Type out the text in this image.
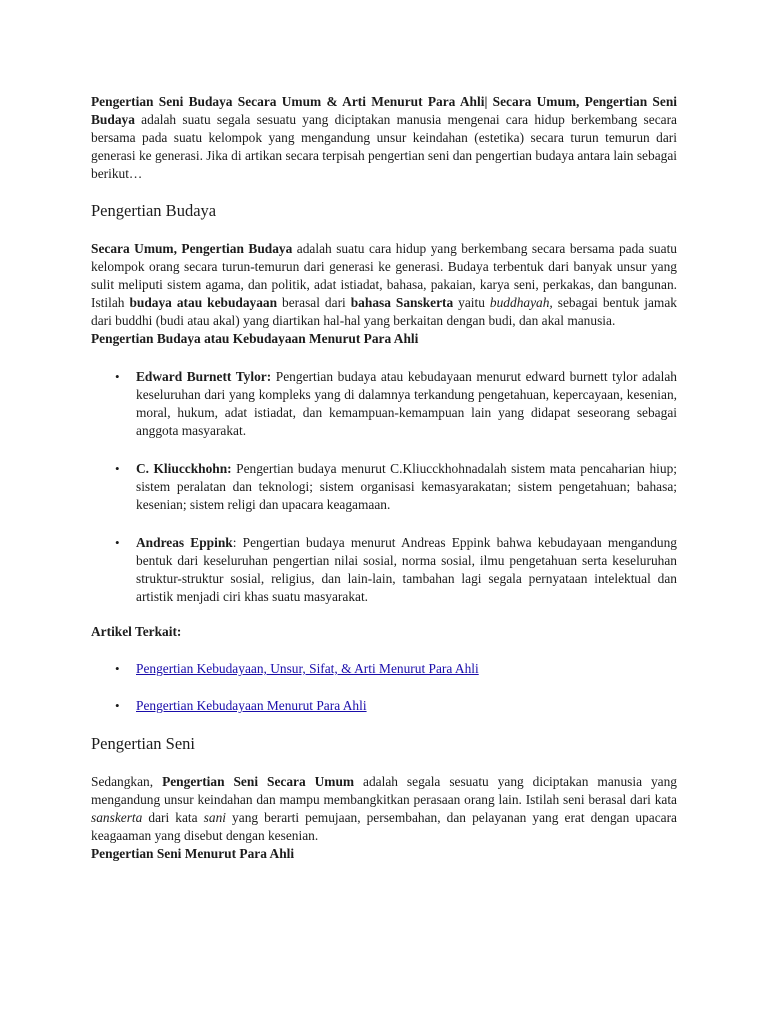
Pengertian Seni Budaya Secara Umum & Arti Menurut Para Ahli| Secara Umum, Pengertian Seni Budaya adalah suatu segala sesuatu yang diciptakan manusia mengenai cara hidup berkembang secara bersama pada suatu kelompok yang mengandung unsur keindahan (estetika) secara turun temurun dari generasi ke generasi. Jika di artikan secara terpisah pengertian seni dan pengertian budaya antara lain sebagai berikut…

Pengertian Budaya

Secara Umum, Pengertian Budaya adalah suatu cara hidup yang berkembang secara bersama pada suatu kelompok orang secara turun-temurun dari generasi ke generasi. Budaya terbentuk dari banyak unsur yang sulit meliputi sistem agama, dan politik, adat istiadat, bahasa, pakaian, karya seni, perkakas, dan bangunan. Istilah budaya atau kebudayaan berasal dari bahasa Sanskerta yaitu buddhayah, sebagai bentuk jamak dari buddhi (budi atau akal) yang diartikan hal-hal yang berkaitan dengan budi, dan akal manusia.

Pengertian Budaya atau Kebudayaan Menurut Para Ahli

• Edward Burnett Tylor: Pengertian budaya atau kebudayaan menurut edward burnett tylor adalah keseluruhan dari yang kompleks yang di dalamnya terkandung pengetahuan, kepercayaan, kesenian, moral, hukum, adat istiadat, dan kemampuan-kemampuan lain yang didapat seseorang sebagai anggota masyarakat.
• C. Kliucckhohn: Pengertian budaya menurut C.Kliucckhohnadalah sistem mata pencaharian hiup; sistem peralatan dan teknologi; sistem organisasi kemasyarakatan; sistem pengetahuan; bahasa; kesenian; sistem religi dan upacara keagamaan.
• Andreas Eppink: Pengertian budaya menurut Andreas Eppink bahwa kebudayaan mengandung bentuk dari keseluruhan pengertian nilai sosial, norma sosial, ilmu pengetahuan serta keseluruhan struktur-struktur sosial, religius, dan lain-lain, tambahan lagi segala pernyataan intelektual dan artistik menjadi ciri khas suatu masyarakat.

Artikel Terkait:

• Pengertian Kebudayaan, Unsur, Sifat, & Arti Menurut Para Ahli
• Pengertian Kebudayaan Menurut Para Ahli
Pengertian Seni

Sedangkan, Pengertian Seni Secara Umum adalah segala sesuatu yang diciptakan manusia yang mengandung unsur keindahan dan mampu membangkitkan perasaan orang lain. Istilah seni berasal dari kata sanskerta dari kata sani yang berarti pemujaan, persembahan, dan pelayanan yang erat dengan upacara keagaaman yang disebut dengan kesenian.

Pengertian Seni Menurut Para Ahli
